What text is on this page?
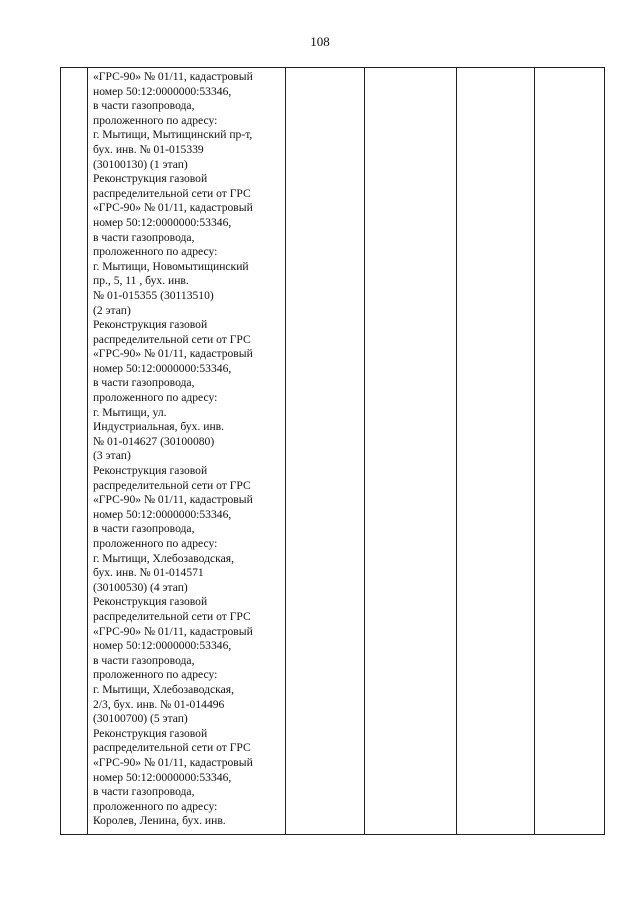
108
«ГРС-90» № 01/11, кадастровый
номер 50:12:0000000:53346,
в части газопровода,
проложенного по адресу:
г. Мытищи, Мытищинский пр-т,
бух. инв. № 01-015339
(30100130) (1 этап)
Реконструкция газовой
распределительной сети от ГРС
«ГРС-90» № 01/11, кадастровый
номер 50:12:0000000:53346,
в части газопровода,
проложенного по адресу:
г. Мытищи, Новомытищинский
пр., 5, 11 , бух. инв.
№ 01-015355 (30113510)
(2 этап)
Реконструкция газовой
распределительной сети от ГРС
«ГРС-90» № 01/11, кадастровый
номер 50:12:0000000:53346,
в части газопровода,
проложенного по адресу:
г. Мытищи, ул.
Индустриальная, бух. инв.
№ 01-014627 (30100080)
(3 этап)
Реконструкция газовой
распределительной сети от ГРС
«ГРС-90» № 01/11, кадастровый
номер 50:12:0000000:53346,
в части газопровода,
проложенного по адресу:
г. Мытищи, Хлебозаводская,
бух. инв. № 01-014571
(30100530) (4 этап)
Реконструкция газовой
распределительной сети от ГРС
«ГРС-90» № 01/11, кадастровый
номер 50:12:0000000:53346,
в части газопровода,
проложенного по адресу:
г. Мытищи, Хлебозаводская,
2/3, бух. инв. № 01-014496
(30100700) (5 этап)
Реконструкция газовой
распределительной сети от ГРС
«ГРС-90» № 01/11, кадастровый
номер 50:12:0000000:53346,
в части газопровода,
проложенного по адресу:
Королев, Ленина, бух. инв.
